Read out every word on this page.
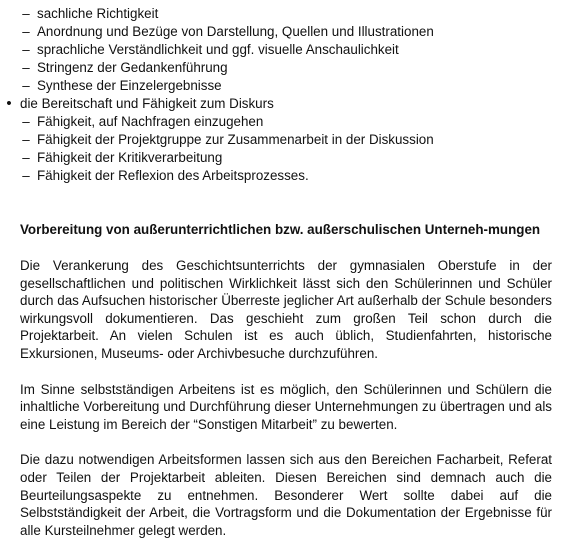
– sachliche Richtigkeit
– Anordnung und Bezüge von Darstellung, Quellen und Illustrationen
– sprachliche Verständlichkeit und ggf. visuelle Anschaulichkeit
– Stringenz der Gedankenführung
– Synthese der Einzelergebnisse
• die Bereitschaft und Fähigkeit zum Diskurs
– Fähigkeit, auf Nachfragen einzugehen
– Fähigkeit der Projektgruppe zur Zusammenarbeit in der Diskussion
– Fähigkeit der Kritikverarbeitung
– Fähigkeit der Reflexion des Arbeitsprozesses.
Vorbereitung von außerunterrichtlichen bzw. außerschulischen Unterneh-mungen

Die Verankerung des Geschichtsunterrichts der gymnasialen Oberstufe in der gesellschaftlichen und politischen Wirklichkeit lässt sich den Schülerinnen und Schüler durch das Aufsuchen historischer Überreste jeglicher Art außerhalb der Schule besonders wirkungsvoll dokumentieren. Das geschieht zum großen Teil schon durch die Projektarbeit. An vielen Schulen ist es auch üblich, Studienfahrten, historische Exkursionen, Museums- oder Archivbesuche durchzuführen.

Im Sinne selbstständigen Arbeitens ist es möglich, den Schülerinnen und Schülern die inhaltliche Vorbereitung und Durchführung dieser Unternehmungen zu übertragen und als eine Leistung im Bereich der “Sonstigen Mitarbeit” zu bewerten.

Die dazu notwendigen Arbeitsformen lassen sich aus den Bereichen Facharbeit, Referat oder Teilen der Projektarbeit ableiten. Diesen Bereichen sind demnach auch die Beurteilungsaspekte zu entnehmen. Besonderer Wert sollte dabei auf die Selbstständigkeit der Arbeit, die Vortragsform und die Dokumentation der Ergebnisse für alle Kursteilnehmer gelegt werden.
